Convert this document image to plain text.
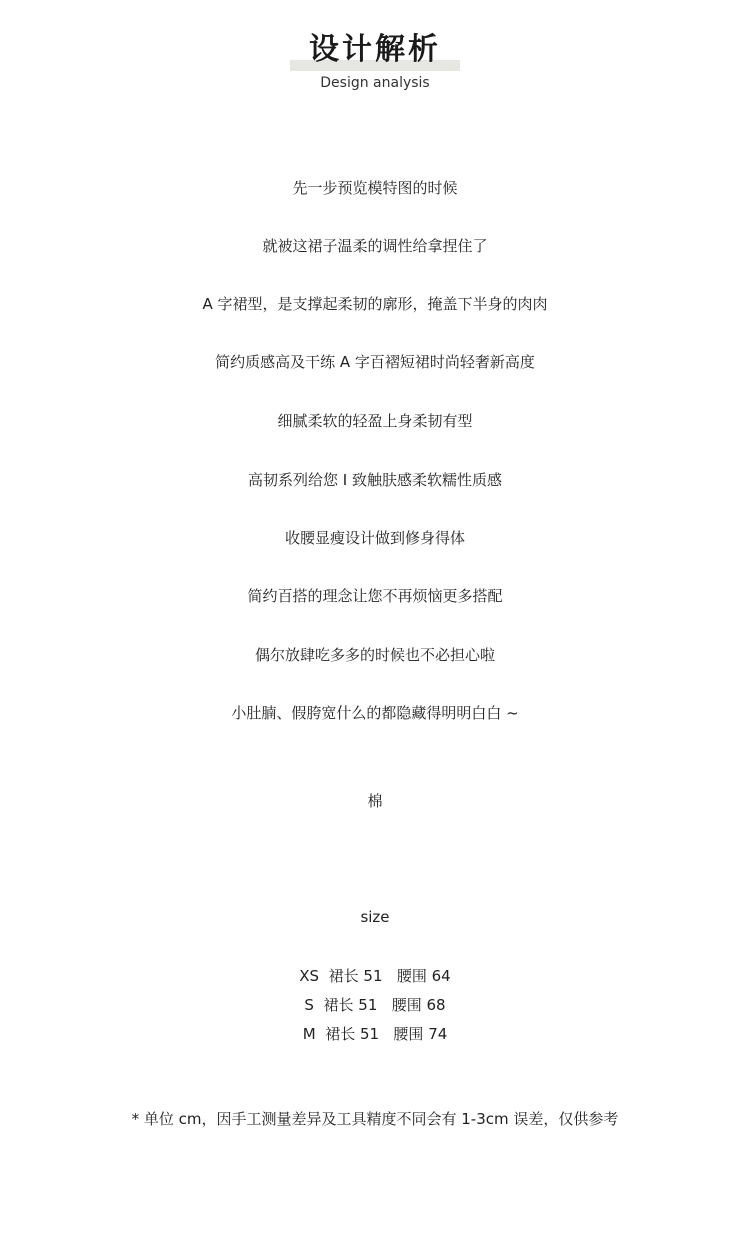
设计解析
Design analysis
先一步预览模特图的时候
就被这裙子温柔的调性给拿捏住了
A 字裙型，是支撑起柔韧的廓形，掩盖下半身的肉肉
简约质感高及干练 A 字百褶短裙时尚轻奢新高度
细腻柔软的轻盈上身柔韧有型
高韧系列给您 I 致触肤感柔软糯性质感
收腰显瘦设计做到修身得体
简约百搭的理念让您不再烦恼更多搭配
偶尔放肆吃多多的时候也不必担心啦
小肚腩、假胯宽什么的都隐藏得明明白白 ~
棉
size
XS 裙长 51 腰围 64
S 裙长 51 腰围 68
M 裙长 51 腰围 74
* 单位 cm，因手工测量差异及工具精度不同会有 1-3cm 误差，仅供参考
